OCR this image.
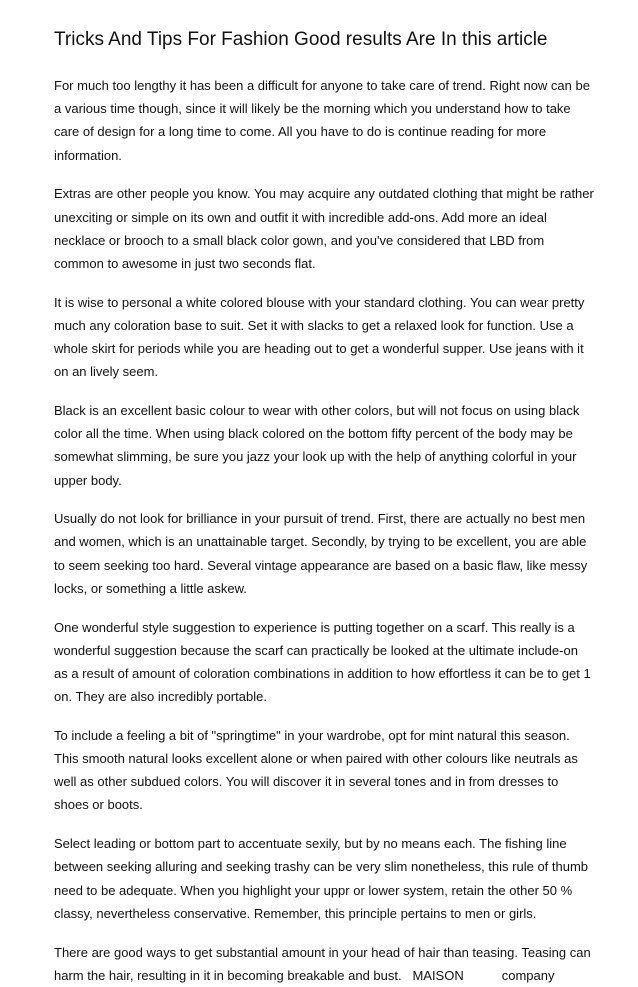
Tricks And Tips For Fashion Good results Are In this article

For much too lengthy it has been a difficult for anyone to take care of trend. Right now can be a various time though, since it will likely be the morning which you understand how to take care of design for a long time to come. All you have to do is continue reading for more information.

Extras are other people you know. You may acquire any outdated clothing that might be rather unexciting or simple on its own and outfit it with incredible add-ons. Add more an ideal necklace or brooch to a small black color gown, and you've considered that LBD from common to awesome in just two seconds flat.

It is wise to personal a white colored blouse with your standard clothing. You can wear pretty much any coloration base to suit. Set it with slacks to get a relaxed look for function. Use a whole skirt for periods while you are heading out to get a wonderful supper. Use jeans with it on an lively seem.

Black is an excellent basic colour to wear with other colors, but will not focus on using black color all the time. When using black colored on the bottom fifty percent of the body may be somewhat slimming, be sure you jazz your look up with the help of anything colorful in your upper body.

Usually do not look for brilliance in your pursuit of trend. First, there are actually no best men and women, which is an unattainable target. Secondly, by trying to be excellent, you are able to seem seeking too hard. Several vintage appearance are based on a basic flaw, like messy locks, or something a little askew.

One wonderful style suggestion to experience is putting together on a scarf. This really is a wonderful suggestion because the scarf can practically be looked at the ultimate include-on as a result of amount of coloration combinations in addition to how effortless it can be to get 1 on. They are also incredibly portable.

To include a feeling a bit of "springtime" in your wardrobe, opt for mint natural this season. This smooth natural looks excellent alone or when paired with other colours like neutrals as well as other subdued colors. You will discover it in several tones and in from dresses to shoes or boots.

Select leading or bottom part to accentuate sexily, but by no means each. The fishing line between seeking alluring and seeking trashy can be very slim nonetheless, this rule of thumb need to be adequate. When you highlight your uppr or lower system, retain the other 50 % classy, nevertheless conservative. Remember, this principle pertains to men or girls.

There are good ways to get substantial amount in your head of hair than teasing. Teasing can harm the hair, resulting in it in becoming breakable and bust. MAISON	company
